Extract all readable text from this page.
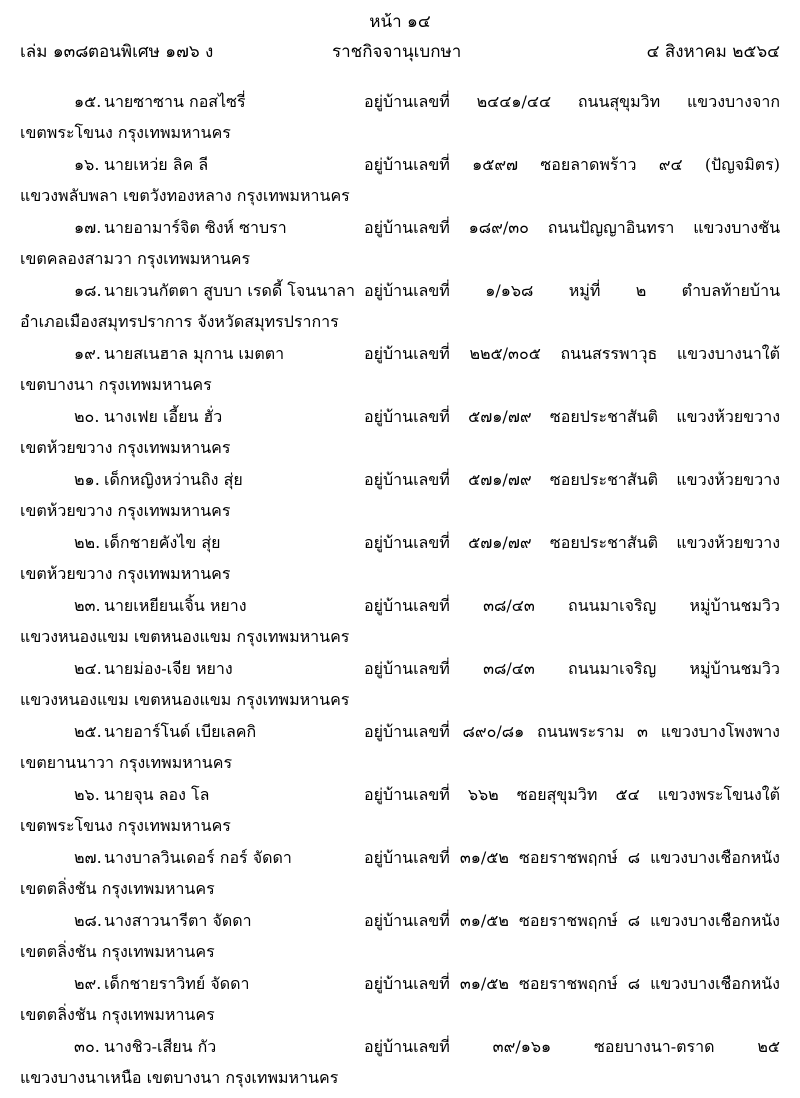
หน้า ๑๔
เล่ม ๑๓๘ ตอนพิเศษ ๑๗๖ ง	ราชกิจจานุเบกษา	๔ สิงหาคม ๒๕๖๔
๑๕. นายซาซาน กอสไซรี่	อยู่บ้านเลขที่ ๒๔๔๑/๔๔ ถนนสุขุมวิท แขวงบางจาก
เขตพระโขนง กรุงเทพมหานคร
๑๖. นายเหว่ย ลิค ลี	อยู่บ้านเลขที่ ๑๕๙๗ ซอยลาดพร้าว ๙๔ (ปัญจมิตร)
แขวงพลับพลา เขตวังทองหลาง กรุงเทพมหานคร
๑๗. นายอามาร์จิต ซิงห์ ซาบรา	อยู่บ้านเลขที่ ๑๘๙/๓๐ ถนนปัญญาอินทรา แขวงบางชัน
เขตคลองสามวา กรุงเทพมหานคร
๑๘. นายเวนกัตตา สูบบา เรดดี้ โจนนาลา อยู่บ้านเลขที่ ๑/๑๖๘ หมู่ที่ ๒ ตำบลท้ายบ้าน
อำเภอเมืองสมุทรปราการ จังหวัดสมุทรปราการ
๑๙. นายสเนฮาล มุกาน เมตตา	อยู่บ้านเลขที่ ๒๒๕/๓๐๕ ถนนสรรพาวุธ แขวงบางนาใต้
เขตบางนา กรุงเทพมหานคร
๒๐. นางเฟย เอี้ยน ฮั่ว	อยู่บ้านเลขที่ ๕๗๑/๗๙ ซอยประชาสันติ แขวงห้วยขวาง
เขตห้วยขวาง กรุงเทพมหานคร
๒๑. เด็กหญิงหว่านถิง สุ่ย	อยู่บ้านเลขที่ ๕๗๑/๗๙ ซอยประชาสันติ แขวงห้วยขวาง
เขตห้วยขวาง กรุงเทพมหานคร
๒๒. เด็กชายคังไข สุ่ย	อยู่บ้านเลขที่ ๕๗๑/๗๙ ซอยประชาสันติ แขวงห้วยขวาง
เขตห้วยขวาง กรุงเทพมหานคร
๒๓. นายเหยียนเจิ้น หยาง	อยู่บ้านเลขที่ ๓๘/๔๓ ถนนมาเจริญ หมู่บ้านชมวิว
แขวงหนองแขม เขตหนองแขม กรุงเทพมหานคร
๒๔. นายม่อง-เจีย หยาง	อยู่บ้านเลขที่ ๓๘/๔๓ ถนนมาเจริญ หมู่บ้านชมวิว
แขวงหนองแขม เขตหนองแขม กรุงเทพมหานคร
๒๕. นายอาร์โนด์ เบียเลคกิ	อยู่บ้านเลขที่ ๘๙๐/๘๑ ถนนพระราม ๓ แขวงบางโพงพาง
เขตยานนาวา กรุงเทพมหานคร
๒๖. นายจุน ลอง โล	อยู่บ้านเลขที่ ๖๖๒ ซอยสุขุมวิท ๕๔ แขวงพระโขนงใต้
เขตพระโขนง กรุงเทพมหานคร
๒๗. นางบาลวินเดอร์ กอร์ จัดดา	อยู่บ้านเลขที่ ๓๑/๕๒ ซอยราชพฤกษ์ ๘ แขวงบางเชือกหนัง
เขตตลิ่งชัน กรุงเทพมหานคร
๒๘. นางสาวนารีตา จัดดา	อยู่บ้านเลขที่ ๓๑/๕๒ ซอยราชพฤกษ์ ๘ แขวงบางเชือกหนัง
เขตตลิ่งชัน กรุงเทพมหานคร
๒๙. เด็กชายราวิทย์ จัดดา	อยู่บ้านเลขที่ ๓๑/๕๒ ซอยราชพฤกษ์ ๘ แขวงบางเชือกหนัง
เขตตลิ่งชัน กรุงเทพมหานคร
๓๐. นางชิว-เสียน กัว	อยู่บ้านเลขที่ ๓๙/๑๖๑ ซอยบางนา-ตราด ๒๕
แขวงบางนาเหนือ เขตบางนา กรุงเทพมหานคร
